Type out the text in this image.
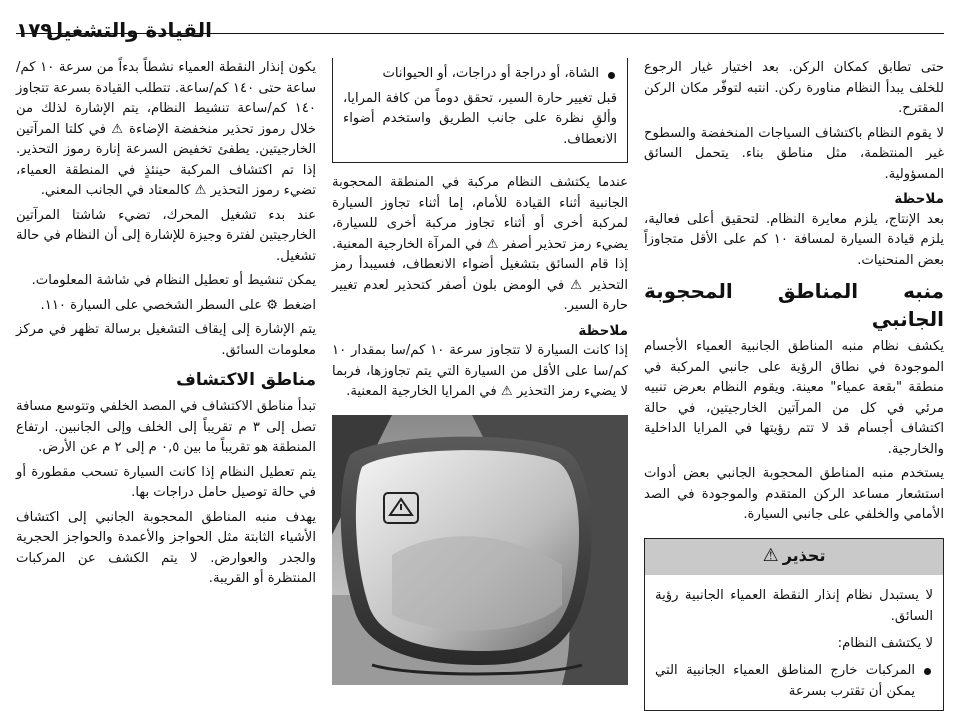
القيادة والتشغيل
١٧٩

حتى تطابق كمكان الركن. بعد اختيار غيار الرجوع للخلف يبدأ النظام مناورة ركن. انتبه لتوفّر مكان الركن المقترح.

لا يقوم النظام باكتشاف السياجات المنخفضة والسطوح غير المنتظمة، مثل مناطق بناء. يتحمل السائق المسؤولية.

ملاحظة

بعد الإنتاج، يلزم معايرة النظام. لتحقيق أعلى فعالية، يلزم قيادة السيارة لمسافة ١٠ كم على الأقل متجاوزاً بعض المنحنيات.

منبه المناطق المحجوبة الجانبي

يكشف نظام منبه المناطق الجانبية العمياء الأجسام الموجودة في نطاق الرؤية على جانبي المركبة في منطقة "بقعة عمياء" معينة. ويقوم النظام بعرض تنبيه مرئي في كل من المرآتين الخارجيتين، في حالة اكتشاف أجسام قد لا تتم رؤيتها في المرايا الداخلية والخارجية.

يستخدم منبه المناطق المحجوبة الجانبي بعض أدوات استشعار مساعد الركن المتقدم والموجودة في الصد الأمامي والخلفي على جانبي السيارة.

تحذير
⚠

لا يستبدل نظام إنذار النقطة العمياء الجانبية رؤية السائق.

لا يكتشف النظام:

المركبات خارج المناطق العمياء الجانبية التي يمكن أن تقترب بسرعة
الشاة، أو دراجة أو دراجات، أو الحيوانات

قبل تغيير حارة السير، تحقق دوماً من كافة المرايا، وألقِ نظرة على جانب الطريق واستخدم أضواء الانعطاف.

عندما يكتشف النظام مركبة في المنطقة المحجوبة الجانبية أثناء القيادة للأمام، إما أثناء تجاوز السيارة لمركبة أخرى أو أثناء تجاوز مركبة أخرى للسيارة، يضيء رمز تحذير أصفر ⚠ في المرآة الخارجية المعنية. إذا قام السائق بتشغيل أضواء الانعطاف، فسيبدأ رمز التحذير ⚠ في الومض بلون أصفر كتحذير لعدم تغيير حارة السير.

ملاحظة

إذا كانت السيارة لا تتجاوز سرعة ١٠ كم/سا بمقدار ١٠ كم/سا على الأقل من السيارة التي يتم تجاوزها، فربما لا يضيء رمز التحذير ⚠ في المرايا الخارجية المعنية.

يكون إنذار النقطة العمياء نشطاً بدءاً من سرعة ١٠ كم/ساعة حتى ١٤٠ كم/ساعة. تتطلب القيادة بسرعة تتجاوز ١٤٠ كم/ساعة تنشيط النظام، يتم الإشارة لذلك من خلال رموز تحذير منخفضة الإضاءة ⚠ في كلتا المرآتين الخارجيتين. يطفئ تخفيض السرعة إنارة رموز التحذير. إذا تم اكتشاف المركبة حينئذٍ في المنطقة العمياء، تضيء رموز التحذير ⚠ كالمعتاد في الجانب المعني.

عند بدء تشغيل المحرك، تضيء شاشتا المرآتين الخارجيتين لفترة وجيزة للإشارة إلى أن النظام في حالة تشغيل.

يمكن تنشيط أو تعطيل النظام في شاشة المعلومات.

اضغط ⚙ على السطر الشخصي على السيارة ١١٠.

يتم الإشارة إلى إيقاف التشغيل برسالة تظهر في مركز معلومات السائق.

مناطق الاكتشاف

تبدأ مناطق الاكتشاف في المصد الخلفي وتتوسع مسافة تصل إلى ٣ م تقريباً إلى الخلف وإلى الجانبين. ارتفاع المنطقة هو تقريباً ما بين ٠,٥ م إلى ٢ م عن الأرض.

يتم تعطيل النظام إذا كانت السيارة تسحب مقطورة أو في حالة توصيل حامل دراجات بها.

يهدف منبه المناطق المحجوبة الجانبي إلى اكتشاف الأشياء الثابتة مثل الحواجز والأعمدة والحواجز الحجرية والجدر والعوارض. لا يتم الكشف عن المركبات المنتظرة أو القريبة.
